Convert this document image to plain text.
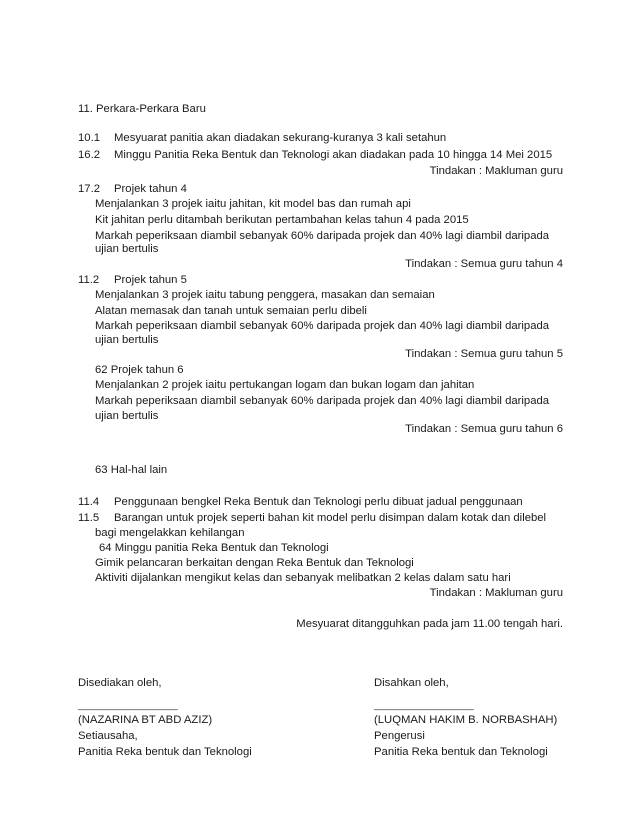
11. Perkara-Perkara Baru
10.1 Mesyuarat panitia akan diadakan sekurang-kuranya 3 kali setahun
16.2 Minggu Panitia Reka Bentuk dan Teknologi akan diadakan pada 10 hingga 14 Mei 2015
Tindakan : Makluman guru
17.2 Projek tahun 4
Menjalankan 3 projek iaitu jahitan, kit model bas dan rumah api
Kit jahitan perlu ditambah berikutan pertambahan kelas tahun 4 pada 2015
Markah peperiksaan diambil sebanyak 60% daripada projek dan 40% lagi diambil daripada
ujian bertulis
Tindakan : Semua guru tahun 4
11.2 Projek tahun 5
Menjalankan 3 projek iaitu tabung penggera, masakan dan semaian
Alatan memasak dan tanah untuk semaian perlu dibeli
Markah peperiksaan diambil sebanyak 60% daripada projek dan 40% lagi diambil daripada
ujian bertulis
Tindakan : Semua guru tahun 5
62 Projek tahun 6
Menjalankan 2 projek iaitu pertukangan logam dan bukan logam dan jahitan
Markah peperiksaan diambil sebanyak 60% daripada projek dan 40% lagi diambil daripada
ujian bertulis
Tindakan : Semua guru tahun 6
63 Hal-hal lain
11.4 Penggunaan bengkel Reka Bentuk dan Teknologi perlu dibuat jadual penggunaan
11.5 Barangan untuk projek seperti bahan kit model perlu disimpan dalam kotak dan dilebel
bagi mengelakkan kehilangan
64 Minggu panitia Reka Bentuk dan Teknologi
Gimik pelancaran berkaitan dengan Reka Bentuk dan Teknologi
Aktiviti dijalankan mengikut kelas dan sebanyak melibatkan 2 kelas dalam satu hari
Tindakan : Makluman guru
Mesyuarat ditangguhkan pada jam 11.00 tengah hari.
Disediakan oleh,
______________________
(NAZARINA BT ABD AZIZ)
Setiausaha,
Panitia Reka bentuk dan Teknologi
Disahkan oleh,
______________________
(LUQMAN HAKIM B. NORBASHAH)
Pengerusi
Panitia Reka bentuk dan Teknologi
